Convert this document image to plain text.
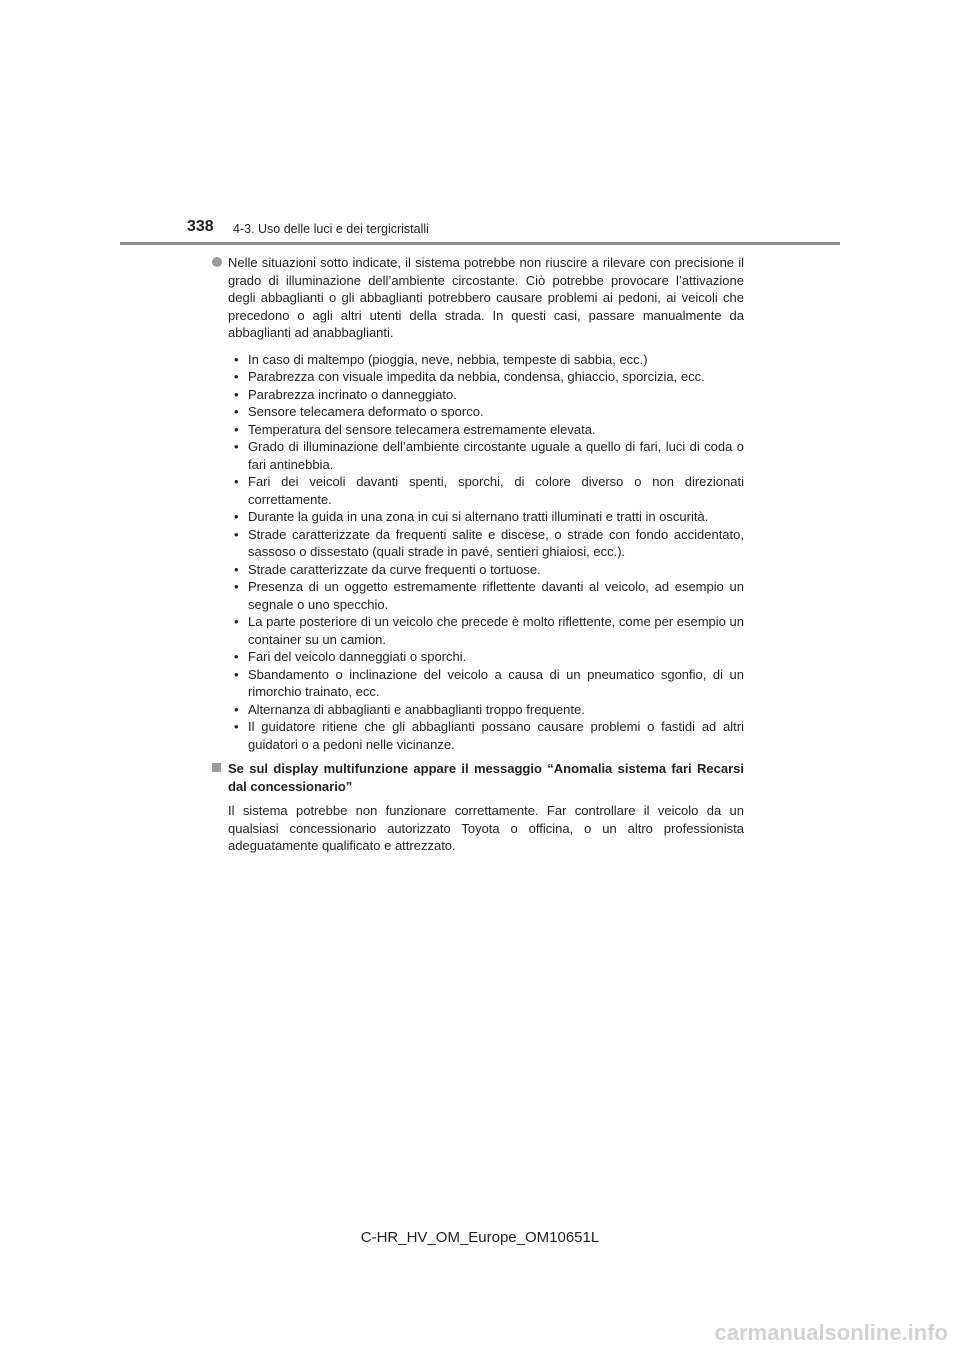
338 4-3. Uso delle luci e dei tergicristalli

Nelle situazioni sotto indicate, il sistema potrebbe non riuscire a rilevare con precisione il grado di illuminazione dell’ambiente circostante. Ciò potrebbe provocare l’attivazione degli abbaglianti o gli abbaglianti potrebbero causare problemi ai pedoni, ai veicoli che precedono o agli altri utenti della strada. In questi casi, passare manualmente da abbaglianti ad anabbaglianti.

• In caso di maltempo (pioggia, neve, nebbia, tempeste di sabbia, ecc.)
• Parabrezza con visuale impedita da nebbia, condensa, ghiaccio, sporcizia, ecc.
• Parabrezza incrinato o danneggiato.
• Sensore telecamera deformato o sporco.
• Temperatura del sensore telecamera estremamente elevata.
• Grado di illuminazione dell’ambiente circostante uguale a quello di fari, luci di coda o fari antinebbia.
• Fari dei veicoli davanti spenti, sporchi, di colore diverso o non direzionati correttamente.
• Durante la guida in una zona in cui si alternano tratti illuminati e tratti in oscurità.
• Strade caratterizzate da frequenti salite e discese, o strade con fondo accidentato, sassoso o dissestato (quali strade in pavé, sentieri ghiaiosi, ecc.).
• Strade caratterizzate da curve frequenti o tortuose.
• Presenza di un oggetto estremamente riflettente davanti al veicolo, ad esempio un segnale o uno specchio.
• La parte posteriore di un veicolo che precede è molto riflettente, come per esempio un container su un camion.
• Fari del veicolo danneggiati o sporchi.
• Sbandamento o inclinazione del veicolo a causa di un pneumatico sgonfio, di un rimorchio trainato, ecc.
• Alternanza di abbaglianti e anabbaglianti troppo frequente.
• Il guidatore ritiene che gli abbaglianti possano causare problemi o fastidi ad altri guidatori o a pedoni nelle vicinanze.

Se sul display multifunzione appare il messaggio “Anomalia sistema fari Recarsi dal concessionario”

Il sistema potrebbe non funzionare correttamente. Far controllare il veicolo da un qualsiasi concessionario autorizzato Toyota o officina, o un altro professionista adeguatamente qualificato e attrezzato.

C-HR_HV_OM_Europe_OM10651L
carmanualsonline.info
